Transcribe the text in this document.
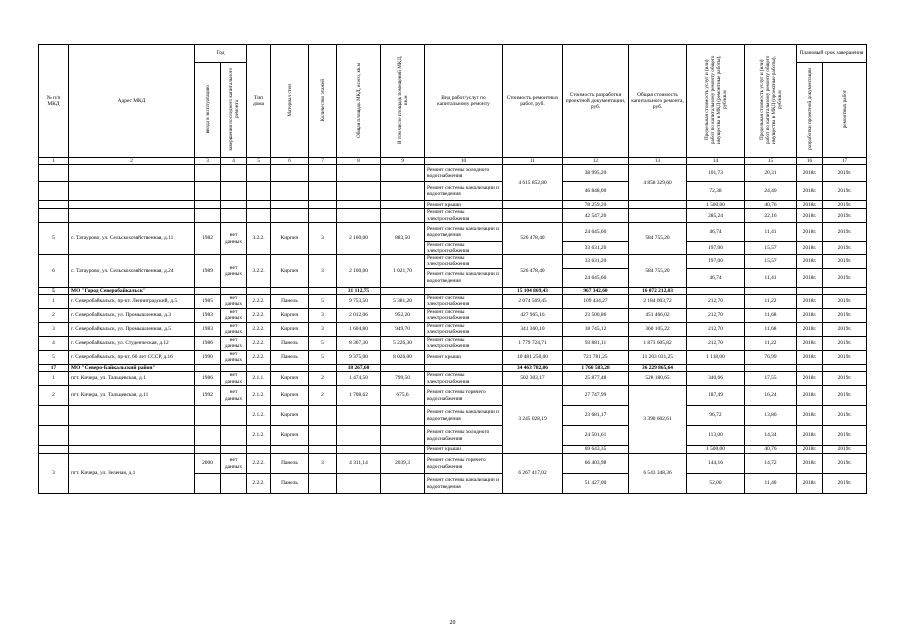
№ п/п МКД	Адрес МКД	Год		Тип дома	Материал стен	Количество этажей	Общая площадь МКД, всего, кв.м	В том числе площадь помещений МКД, кв.м	Вид работ/услуг по капитальному ремонту	Стоимость ремонтных работ, руб.	Стоимость разработки проектной документации, руб.	Общая стоимость капитального ремонта, руб.	Предельная стоимость услуг и (или) работ по капитальному ремонту общего имущества в МКД (ремонтные работы), руб/кв.м	Предельная стоимость услуг и (или) работ по капитальному ремонту общего имущества в МКД (проектные работы), руб/кв.м	Плановый срок завершения	
		ввода в эксплуатацию	завершения последнего капитального ремонта												разработки проектной документации	ремонтных работ
1	2	3	4	5	6	7	8	9	10	11	12	13	14	15	16	17
									Ремонт системы холодного водоснабжения	4 615 852,80	38 995,20	4 858 329,60	101,73	20,31	2018г.	2019г.
									Ремонт системы канализации и водоотведения		46 848,00		72,38	24,40	2018г.	2019г.
									Ремонт крыши		78 259,20		1 500,00	40,76	2018г.	2019г.
									Ремонт системы электроснабжения		42 547,20		285,24	22,16	2018г.	2019г.
5	с. Татаурово, ул. Сельскохозяйственная, д.11	1982	нет данных	3.2.2.	Кирпич	3	2 160,00	883,50	Ремонт системы канализации и водоотведения	526 478,40	24 645,60	584 755,20	46,74	11,41	2018г.	2019г.
									Ремонт системы электроснабжения		33 631,20		197,00	15,57	2018г.	2019г.
6	с. Татаурово, ул. Сельскохозяйственная, д.24	1989	нет данных	3.2.2.	Кирпич	3	2 160,00	1 021,70	Ремонт системы электроснабжения	526 478,40	33 631,20	584 755,20	197,00	15,57	2018г.	2019г.
									Ремонт системы канализации и водоотведения		24 645,60		46,74	11,41	2018г.	2019г.
5	МО "Город Северобайкальск"						31 112,75			15 104 869,43	967 342,60	16 072 212,03				
1	г. Северобайкальск, пр-кт. Ленинградский, д.5	1985	нет данных	2.2.2.	Панель	5	9 753,50	5 381,20	Ремонт системы электроснабжения	2 074 569,45	109 434,27	2 184 003,72	212,70	11,22	2018г.	2019г.
2	г. Северобайкальск, ул. Промышленная, д.3	1983	нет данных	2.2.2.	Кирпич	3	2 012,06	952,20	Ремонт системы электроснабжения	427 965,16	23 500,86	451 466,02	212,70	11,68	2018г.	2019г.
3	г. Северобайкальск, ул. Промышленная, д.5	1983	нет данных	2.2.2.	Кирпич	3	1 604,80	949,70	Ремонт системы электроснабжения	341 360,10	18 745,12	360 105,22	212,70	11,68	2018г.	2019г.
4	г. Северобайкальск, ул. Студенческая, д.12	1986	нет данных	2.2.2.	Панель	5	8 367,30	5 226,30	Ремонт системы электроснабжения	1 779 724,71	93 881,11	1 873 605,82	212,70	11,22	2018г.	2019г.
5	г. Северобайкальск, пр-кт. 60 лет СССР, д.16	1990	нет данных	2.2.2.	Панель	5	9 375,00	8 026,00	Ремонт крыши	10 481 250,00	721 781,25	11 203 031,25	1 118,00	76,99	2018г.	2019г.
17	МО "Северо-Байкальский район"						18 267,60			34 463 782,06	1 766 583,28	36 229 865,64				
1	пгт. Кичера, ул. Тальцевская, д.1	1986	нет данных	2.1.1.	Кирпич	2	1 474,50	799,50	Ремонт системы электроснабжения	502 303,17	25 877,48	528 180,65	340,66	17,55	2018г.	2019г.
2	пгт. Кичера, ул. Тальцевская, д.11	1992	нет данных	2.1.2.	Кирпич	2	1 708,62	675,6	Ремонт системы горячего водоснабжения	3 245 028,19	27 747,99	3 390 602,61	187,49	16,24	2018г.	2019г.
				2.1.2.	Кирпич				Ремонт системы канализации и водоотведения		23 681,17		96,72	13,86	2018г.	2019г.
				2.1.2.	Кирпич				Ремонт системы холодного водоснабжения		24 501,61		113,00	14,34	2018г.	2019г.
									Ремонт крыши		69 643,35		1 500,00	40,76	2018г.	2019г.
3	пгт. Кичера, ул. Зеленая, д.1	2000	нет данных	2.2.2.	Панель	3	4 311,14	2039,3	Ремонт системы горячего водоснабжения	6 267 417,02	66 403,98	6 543 348,36	144,16	14,72	2018г.	2019г.
				2.2.2.	Панель				Ремонт системы канализации и водоотведения		51 427,00		52,00	11,40	2018г.	2019г.
20
